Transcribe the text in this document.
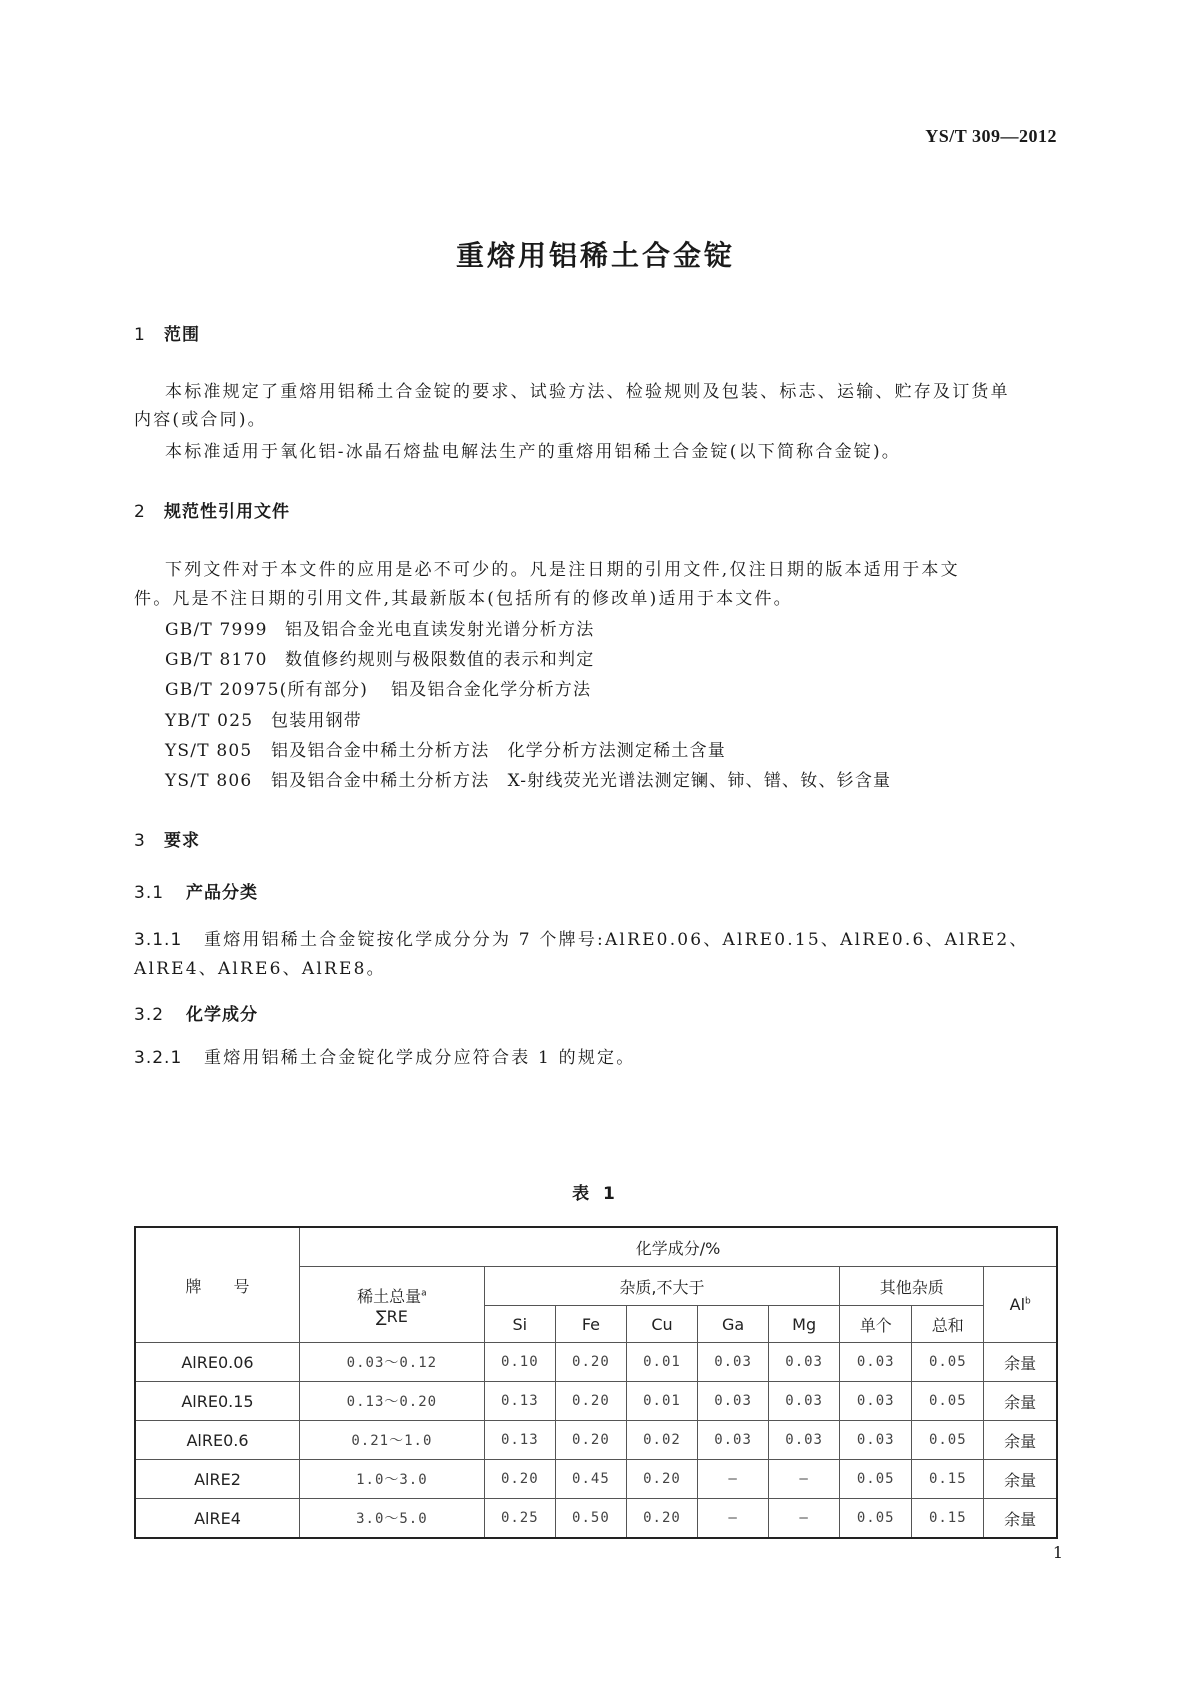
YS/T 309—2012
重熔用铝稀土合金锭
1 范围
本标准规定了重熔用铝稀土合金锭的要求、试验方法、检验规则及包装、标志、运输、贮存及订货单
内容(或合同)。
本标准适用于氧化铝-冰晶石熔盐电解法生产的重熔用铝稀土合金锭(以下简称合金锭)。
2 规范性引用文件
下列文件对于本文件的应用是必不可少的。凡是注日期的引用文件,仅注日期的版本适用于本文
件。凡是不注日期的引用文件,其最新版本(包括所有的修改单)适用于本文件。
GB/T 7999 铝及铝合金光电直读发射光谱分析方法
GB/T 8170 数值修约规则与极限数值的表示和判定
GB/T 20975(所有部分) 铝及铝合金化学分析方法
YB/T 025 包装用钢带
YS/T 805 铝及铝合金中稀土分析方法　化学分析方法测定稀土含量
YS/T 806 铝及铝合金中稀土分析方法　X-射线荧光光谱法测定镧、铈、镨、钕、钐含量
3 要求
3.1 产品分类
3.1.1 重熔用铝稀土合金锭按化学成分分为 7 个牌号:AlRE0.06、AlRE0.15、AlRE0.6、AlRE2、
AlRE4、AlRE6、AlRE8。
3.2 化学成分
3.2.1 重熔用铝稀土合金锭化学成分应符合表 1 的规定。
表 1
牌　　号	化学成分/%								
	稀土总量$^a$
∑RE	杂质,不大于					其他杂质		Al$^b$
		Si	Fe	Cu	Ga	Mg	单个	总和	
AlRE0.06	0.03～0.12	0.10	0.20	0.01	0.03	0.03	0.03	0.05	余量
AlRE0.15	0.13～0.20	0.13	0.20	0.01	0.03	0.03	0.03	0.05	余量
AlRE0.6	0.21～1.0	0.13	0.20	0.02	0.03	0.03	0.03	0.05	余量
AlRE2	1.0～3.0	0.20	0.45	0.20	—	—	0.05	0.15	余量
AlRE4	3.0～5.0	0.25	0.50	0.20	—	—	0.05	0.15	余量
1
